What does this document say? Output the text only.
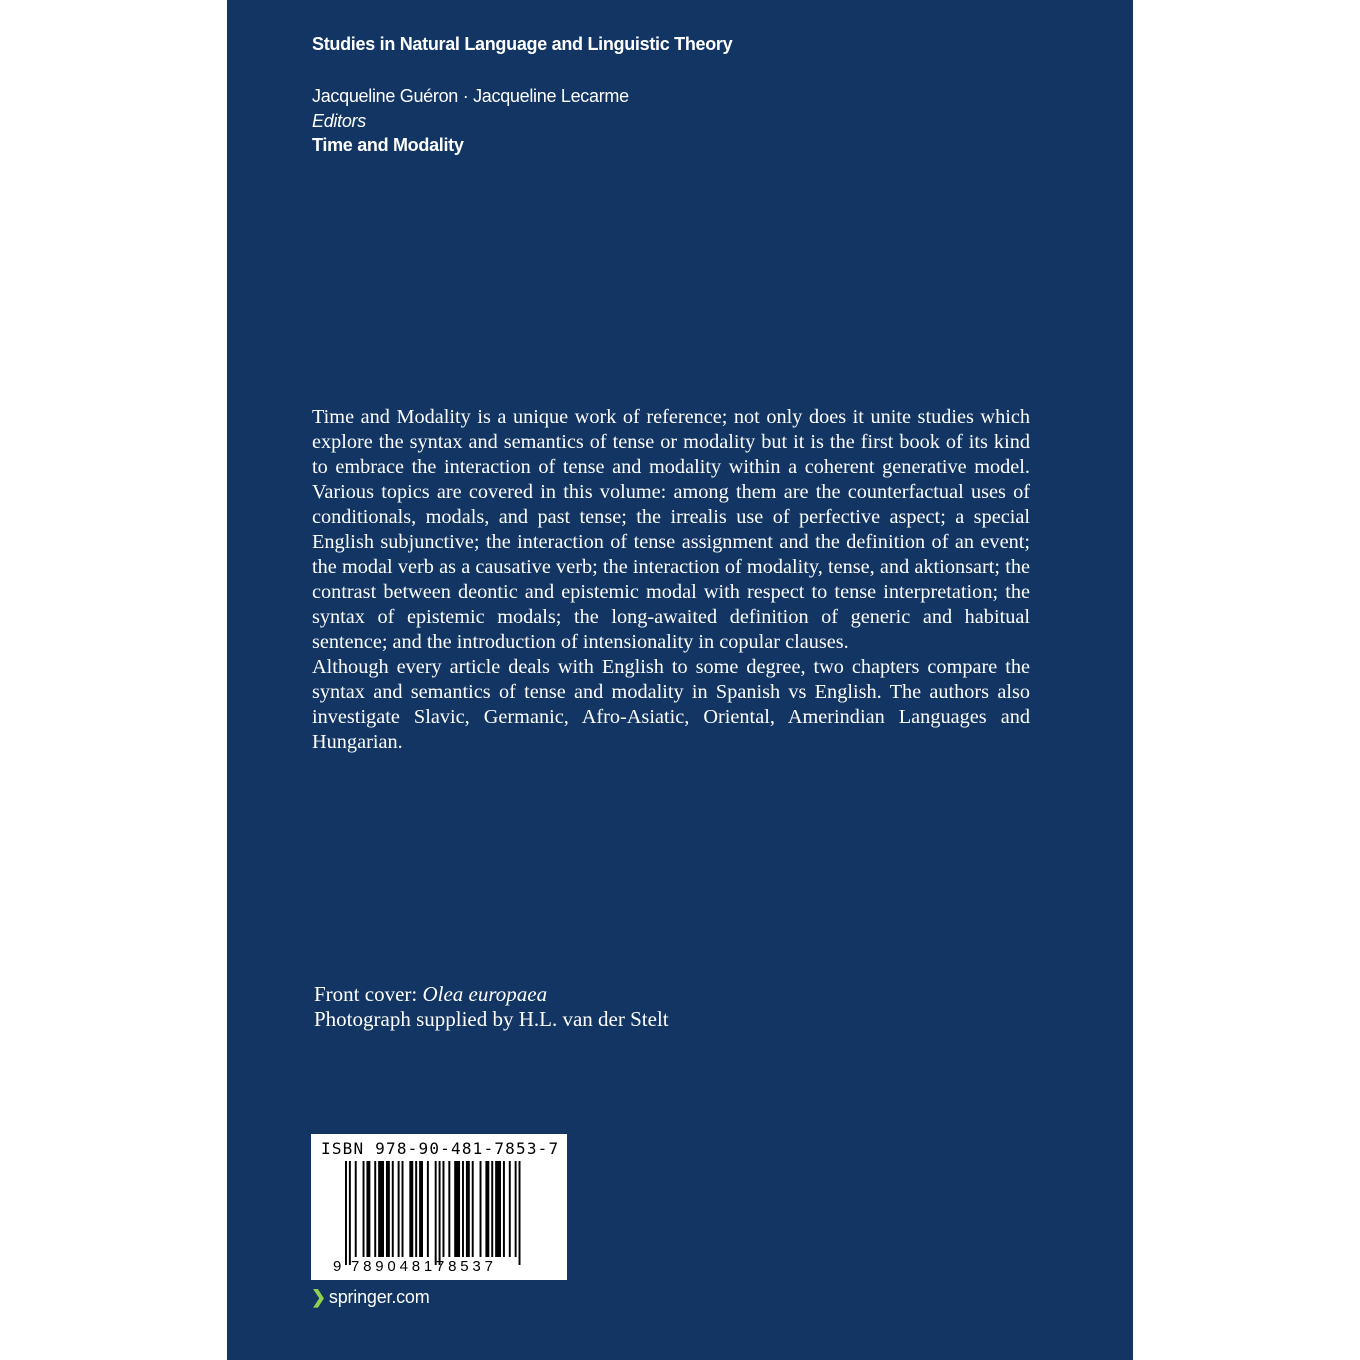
Studies in Natural Language and Linguistic Theory
Jacqueline Guéron · Jacqueline Lecarme
Editors
Time and Modality

Time and Modality is a unique work of reference; not only does it unite studies which explore the syntax and semantics of tense or modality but it is the first book of its kind to embrace the interaction of tense and modality within a coherent generative model. Various topics are covered in this volume: among them are the counterfactual uses of conditionals, modals, and past tense; the irrealis use of perfective aspect; a special English subjunctive; the interaction of tense assignment and the definition of an event; the modal verb as a causative verb; the interaction of modality, tense, and aktionsart; the contrast between deontic and epistemic modal with respect to tense interpretation; the syntax of epistemic modals; the long-awaited definition of generic and habitual sentence; and the introduction of intensionality in copular clauses.

Although every article deals with English to some degree, two chapters compare the syntax and semantics of tense and modality in Spanish vs English. The authors also investigate Slavic, Germanic, Afro-Asiatic, Oriental, Amerindian Languages and Hungarian.

Front cover: Olea europaea
Photograph supplied by H.L. van der Stelt
ISBN 978-90-481-7853-7
9 789048178537
❯ springer.com
